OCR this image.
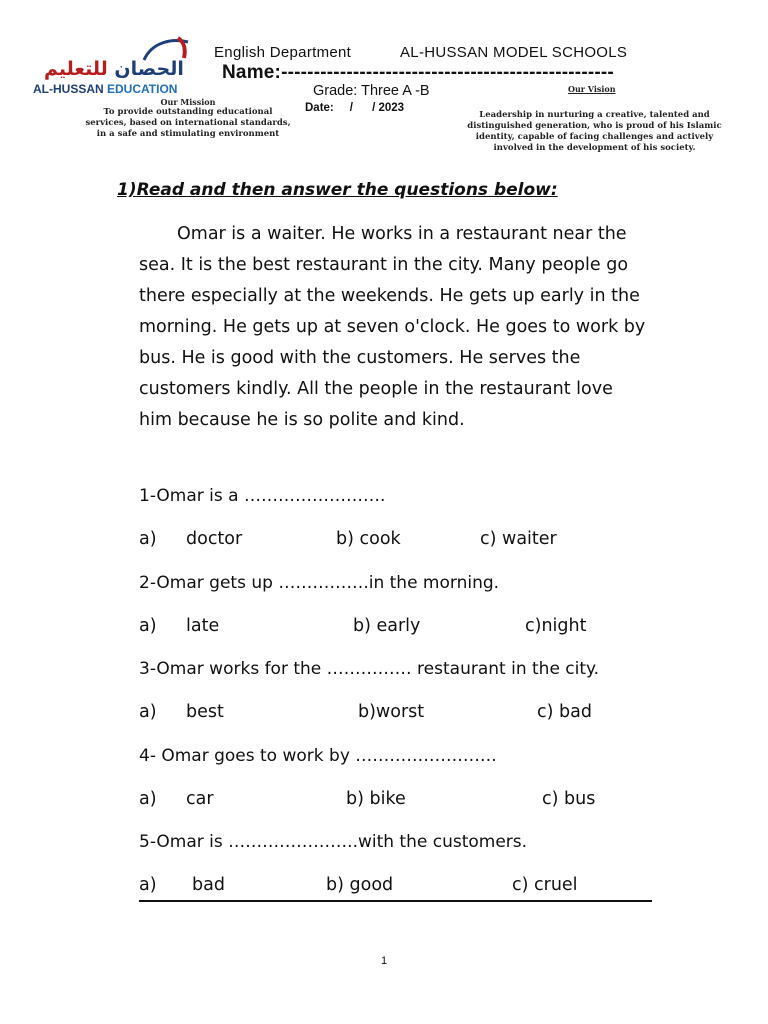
الحصان للتعليم
AL-HUSSAN EDUCATION
English Department	AL-HUSSAN MODEL SCHOOLS
Name:---------------------------------------------------
Grade: Three A -B
Date:     /      / 2023
Our Mission
To provide outstanding educational services, based on international standards, in a safe and stimulating environment
Our Vision
Leadership in nurturing a creative, talented and distinguished generation, who is proud of his Islamic identity, capable of facing challenges and actively involved in the development of his society.
1)Read and then answer the questions below:
Omar is a waiter. He works in a restaurant near the sea. It is the best restaurant in the city. Many people go there especially at the weekends. He gets up early in the morning. He gets up at seven o'clock. He goes to work by bus. He is good with the customers. He serves the customers kindly. All the people in the restaurant love him because he is so polite and kind.
1-Omar is a …………………….
a) doctor	b) cook	c) waiter
2-Omar gets up …………….in the morning.
a) late	b) early	c)night
3-Omar works for the …………… restaurant in the city.
a) best	b)worst	c) bad
4- Omar goes to work by …………………….
a) car	b) bike	c) bus
5-Omar is …………………..with the customers.
a) bad	b) good	c) cruel
1
